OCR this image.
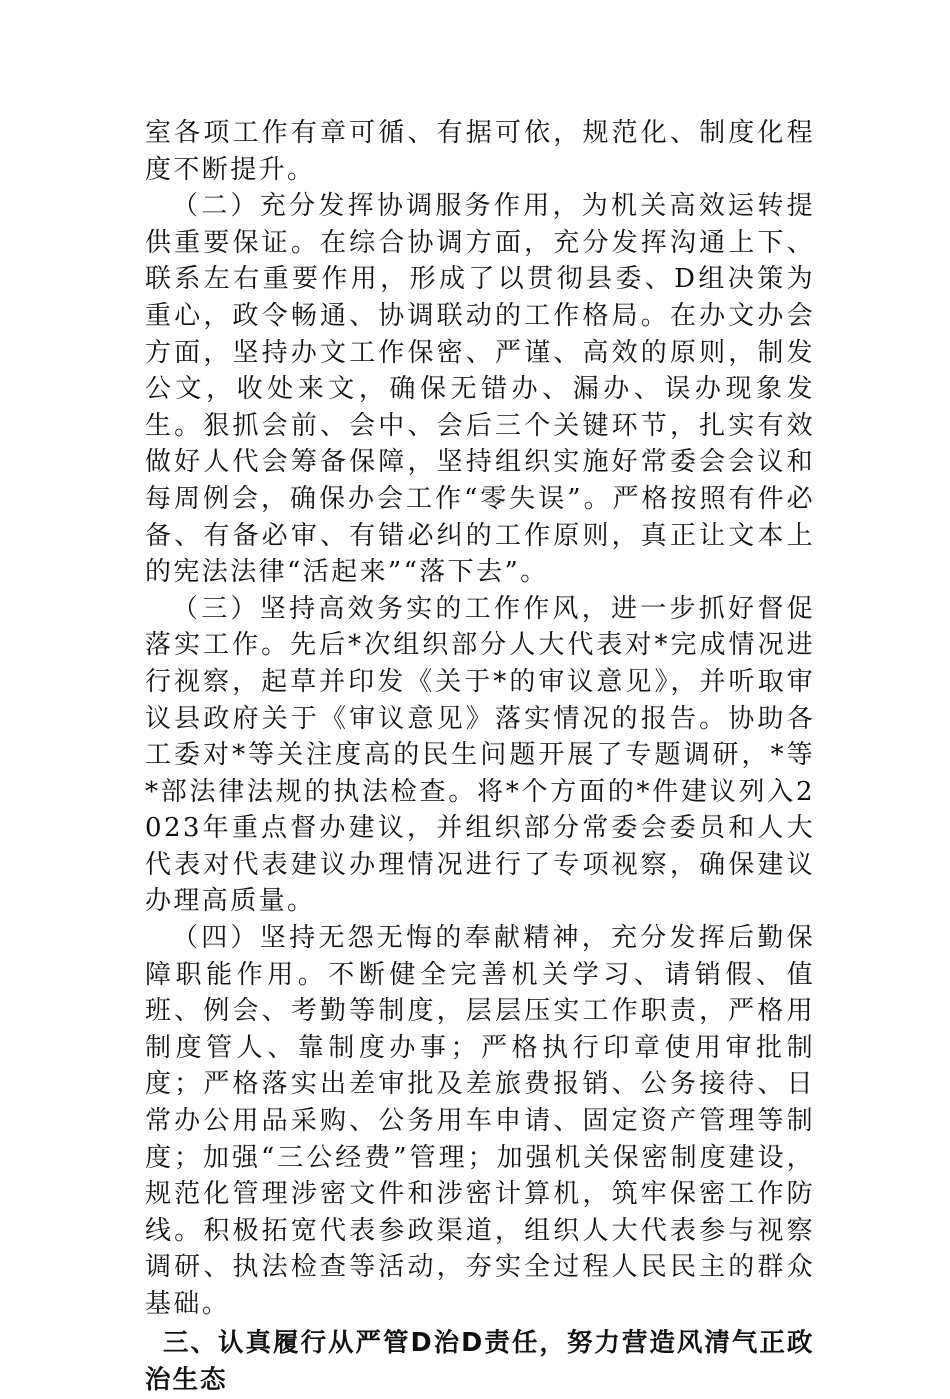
室各项工作有章可循、有据可依，规范化、制度化程度不断提升。

（二）充分发挥协调服务作用，为机关高效运转提供重要保证。在综合协调方面，充分发挥沟通上下、联系左右重要作用，形成了以贯彻县委、D组决策为重心，政令畅通、协调联动的工作格局。在办文办会方面，坚持办文工作保密、严谨、高效的原则，制发公文，收处来文，确保无错办、漏办、误办现象发生。狠抓会前、会中、会后三个关键环节，扎实有效做好人代会筹备保障，坚持组织实施好常委会会议和每周例会，确保办会工作“零失误”。严格按照有件必备、有备必审、有错必纠的工作原则，真正让文本上的宪法法律“活起来”“落下去”。

（三）坚持高效务实的工作作风，进一步抓好督促落实工作。先后*次组织部分人大代表对*完成情况进行视察，起草并印发《关于*的审议意见》，并听取审议县政府关于《审议意见》落实情况的报告。协助各工委对*等关注度高的民生问题开展了专题调研，*等*部法律法规的执法检查。将*个方面的*件建议列入2023年重点督办建议，并组织部分常委会委员和人大代表对代表建议办理情况进行了专项视察，确保建议办理高质量。

（四）坚持无怨无悔的奉献精神，充分发挥后勤保障职能作用。不断健全完善机关学习、请销假、值班、例会、考勤等制度，层层压实工作职责，严格用制度管人、靠制度办事；严格执行印章使用审批制度；严格落实出差审批及差旅费报销、公务接待、日常办公用品采购、公务用车申请、固定资产管理等制度；加强“三公经费”管理；加强机关保密制度建设，规范化管理涉密文件和涉密计算机，筑牢保密工作防线。积极拓宽代表参政渠道，组织人大代表参与视察调研、执法检查等活动，夯实全过程人民民主的群众基础。

三、认真履行从严管D治D责任，努力营造风清气正政治生态
